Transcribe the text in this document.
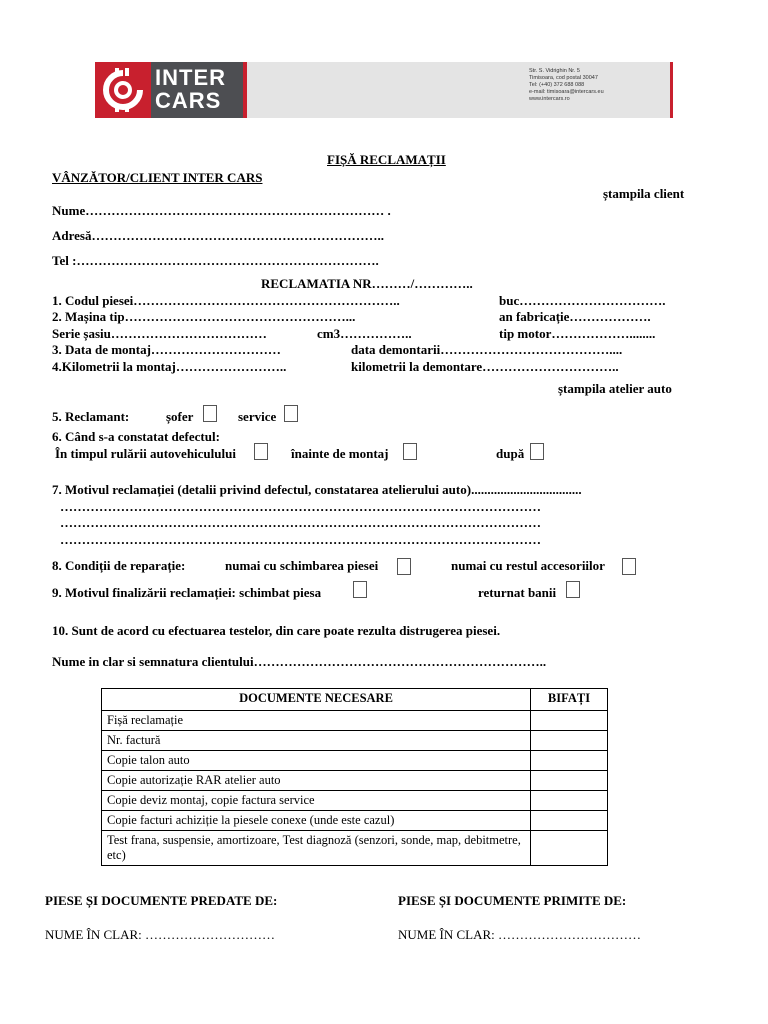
INTER
CARS
Str. S. Vidrighin Nr. 5
Timisoara, cod postal 30047
Tel: (+40) 372 688 088
e-mail: timisoara@intercars.eu
www.intercars.ro
FIȘĂ RECLAMAȚII
VÂNZĂTOR/CLIENT INTER CARS
ștampila client
Nume…………………………………………………………… .
Adresă…………………………………………………………..
Tel :…………………………………………………………….
RECLAMATIA NR………/…………..
1. Codul piesei……………………………………………………..	buc…………………………….
2. Mașina tip……………………………………………...	an fabricație……………….
Serie șasiu………………………………	cm3……………..	tip motor………………........
3. Data de montaj…………………………	data demontarii…………………………………....
4.Kilometrii la montaj……………………..	kilometrii la demontare…………………………..
ștampila atelier auto
5. Reclamant:	șofer	service
6. Când s-a constatat defectul:
În timpul rulării autovehiculului	înainte de montaj	după
7. Motivul reclamației (detalii privind defectul, constatarea atelierului auto)..................................
…………………………………………………………………………………………………
…………………………………………………………………………………………………
…………………………………………………………………………………………………
8. Condiții de reparație:	numai cu schimbarea piesei	numai cu restul accesoriilor
9. Motivul finalizării reclamației: schimbat piesa	returnat banii
10. Sunt de acord cu efectuarea testelor, din care poate rezulta distrugerea piesei.
Nume in clar si semnatura clientului…………………………………………………………..
DOCUMENTE NECESARE	BIFAȚI
Fișă reclamație	
Nr. factură	
Copie talon auto	
Copie autorizație RAR atelier auto	
Copie deviz montaj, copie factura service	
Copie facturi achiziție la piesele conexe (unde este cazul)	
Test frana, suspensie, amortizoare, Test diagnoză (senzori, sonde, map, debitmetre, etc)	
PIESE ȘI DOCUMENTE PREDATE DE:	PIESE ȘI DOCUMENTE PRIMITE DE:
NUME ÎN CLAR: …………………………	NUME ÎN CLAR: ……………………………
